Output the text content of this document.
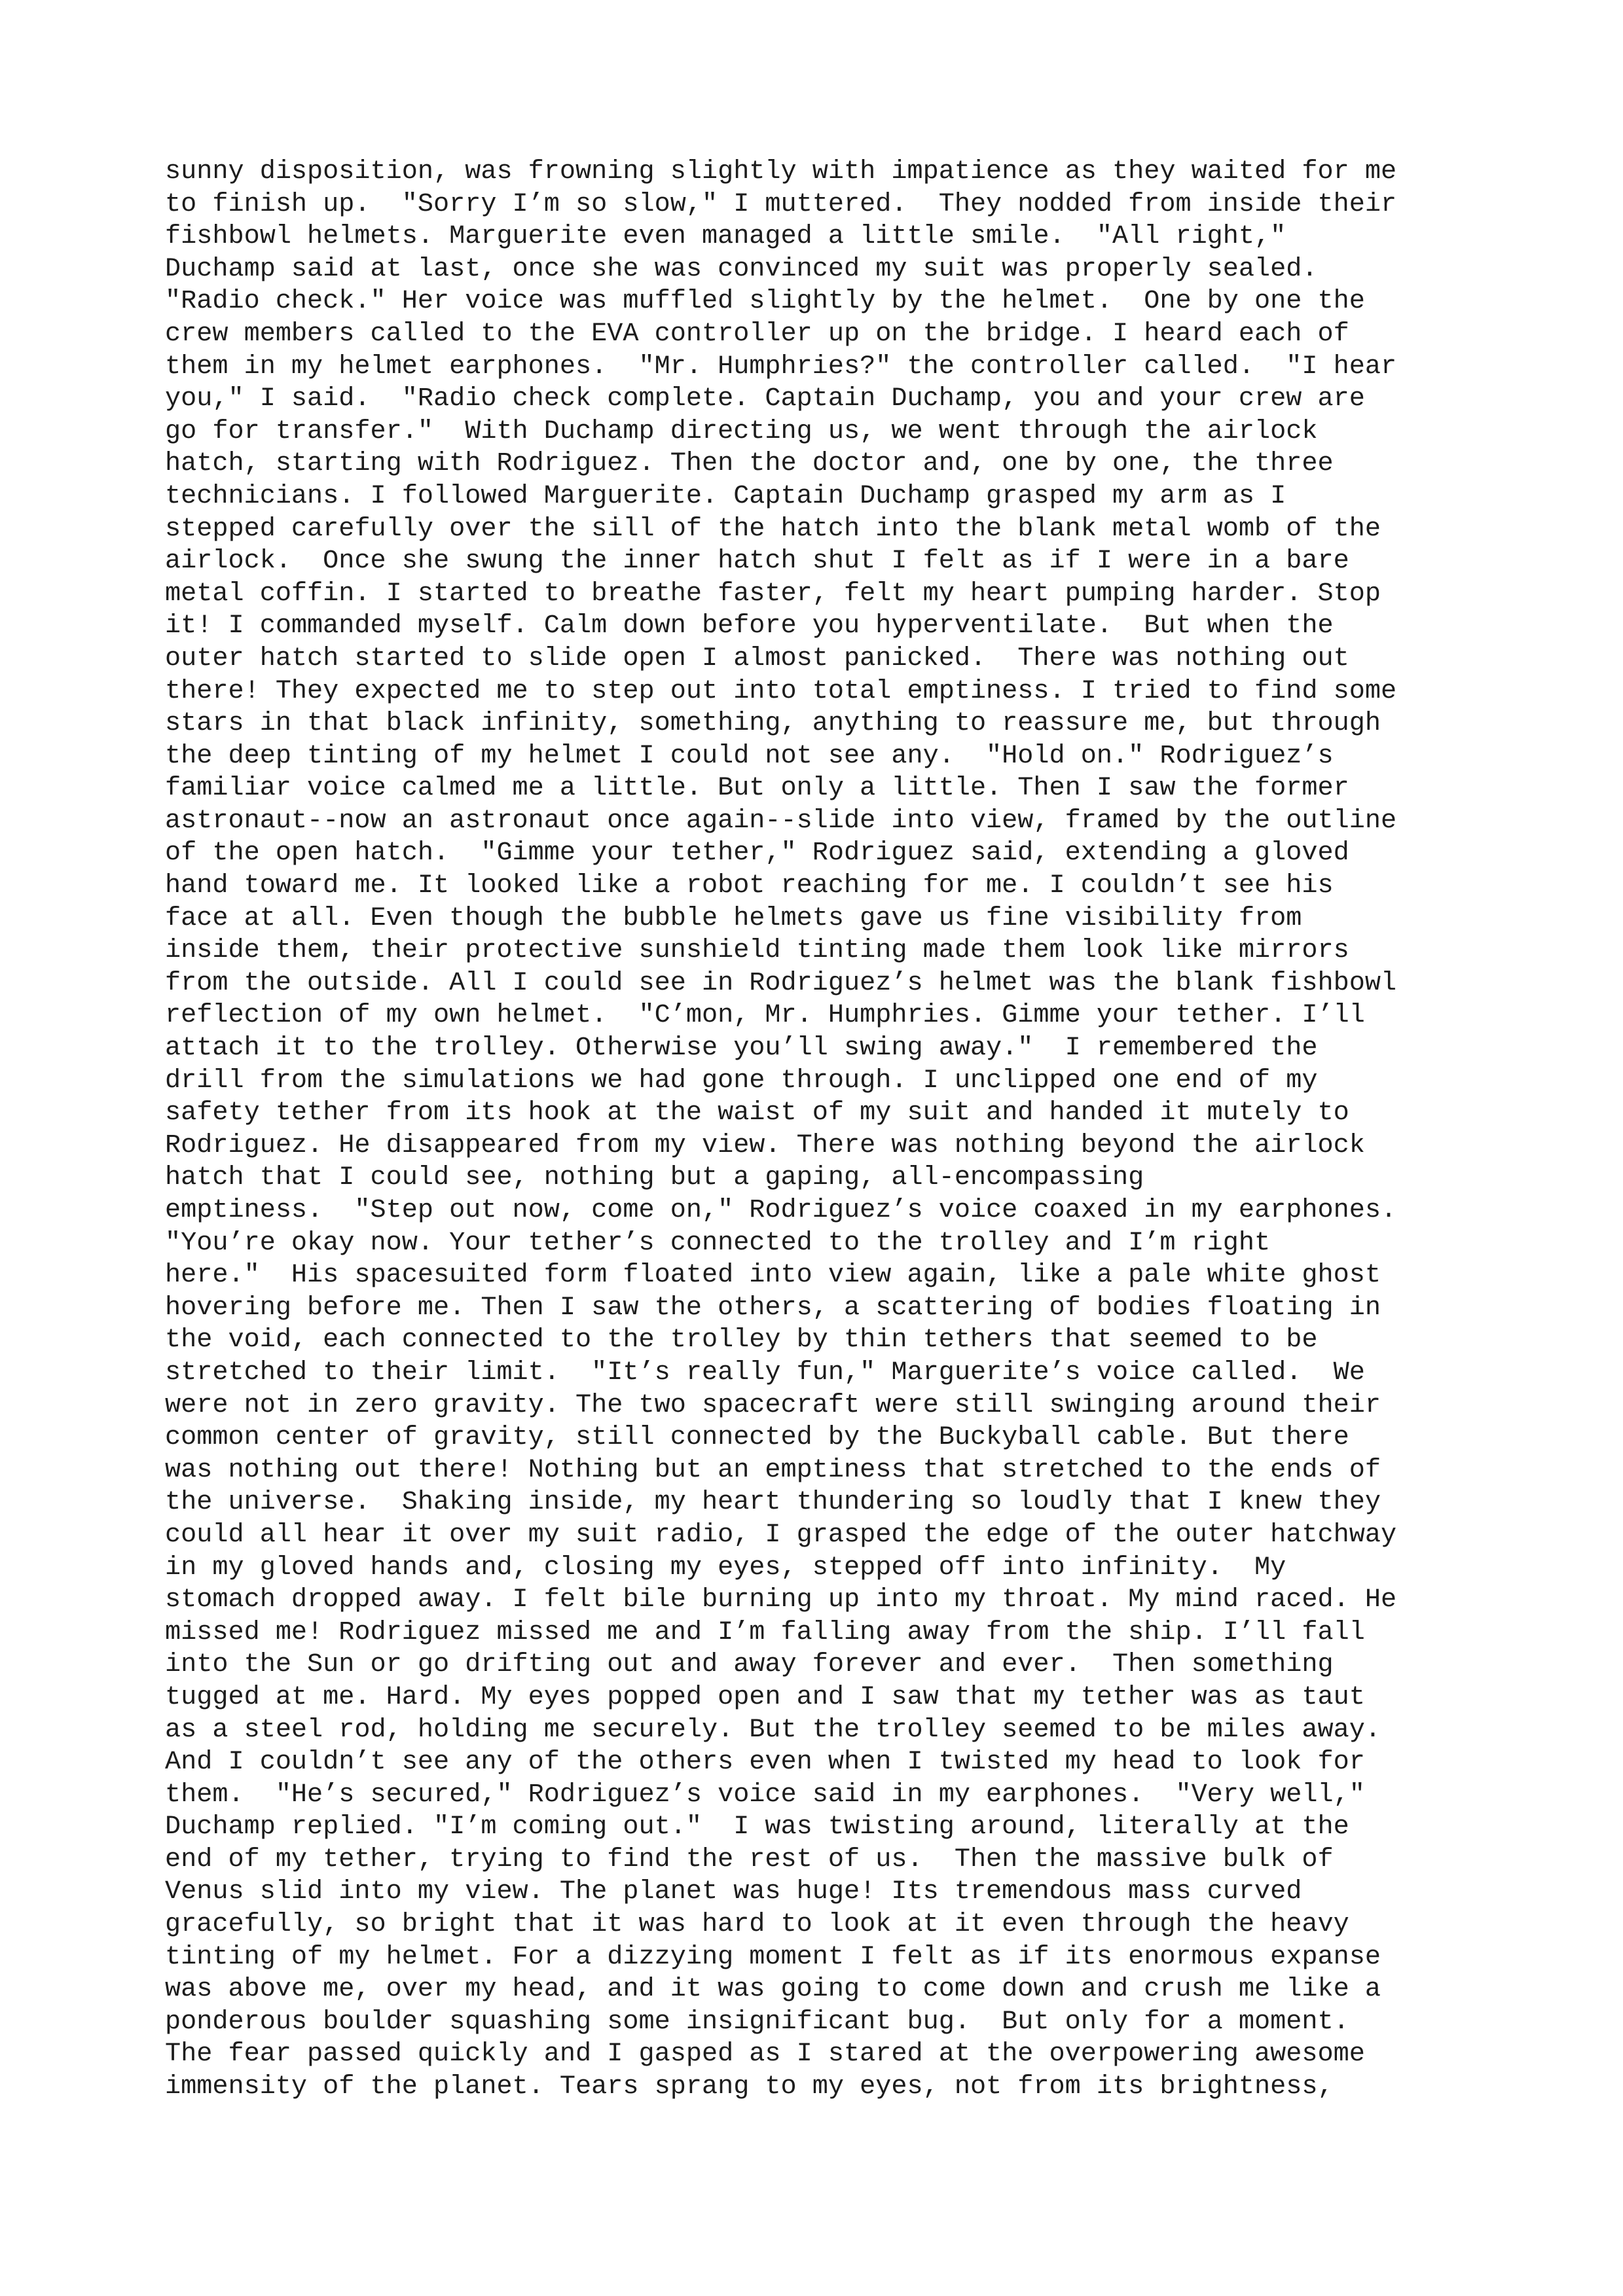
sunny disposition, was frowning slightly with impatience as they waited for me
to finish up.  "Sorry I’m so slow," I muttered.  They nodded from inside their
fishbowl helmets. Marguerite even managed a little smile.  "All right,"
Duchamp said at last, once she was convinced my suit was properly sealed.
"Radio check." Her voice was muffled slightly by the helmet.  One by one the
crew members called to the EVA controller up on the bridge. I heard each of
them in my helmet earphones.  "Mr. Humphries?" the controller called.  "I hear
you," I said.  "Radio check complete. Captain Duchamp, you and your crew are
go for transfer."  With Duchamp directing us, we went through the airlock
hatch, starting with Rodriguez. Then the doctor and, one by one, the three
technicians. I followed Marguerite. Captain Duchamp grasped my arm as I
stepped carefully over the sill of the hatch into the blank metal womb of the
airlock.  Once she swung the inner hatch shut I felt as if I were in a bare
metal coffin. I started to breathe faster, felt my heart pumping harder. Stop
it! I commanded myself. Calm down before you hyperventilate.  But when the
outer hatch started to slide open I almost panicked.  There was nothing out
there! They expected me to step out into total emptiness. I tried to find some
stars in that black infinity, something, anything to reassure me, but through
the deep tinting of my helmet I could not see any.  "Hold on." Rodriguez’s
familiar voice calmed me a little. But only a little. Then I saw the former
astronaut--now an astronaut once again--slide into view, framed by the outline
of the open hatch.  "Gimme your tether," Rodriguez said, extending a gloved
hand toward me. It looked like a robot reaching for me. I couldn’t see his
face at all. Even though the bubble helmets gave us fine visibility from
inside them, their protective sunshield tinting made them look like mirrors
from the outside. All I could see in Rodriguez’s helmet was the blank fishbowl
reflection of my own helmet.  "C’mon, Mr. Humphries. Gimme your tether. I’ll
attach it to the trolley. Otherwise you’ll swing away."  I remembered the
drill from the simulations we had gone through. I unclipped one end of my
safety tether from its hook at the waist of my suit and handed it mutely to
Rodriguez. He disappeared from my view. There was nothing beyond the airlock
hatch that I could see, nothing but a gaping, all-encompassing
emptiness.  "Step out now, come on," Rodriguez’s voice coaxed in my earphones.
"You’re okay now. Your tether’s connected to the trolley and I’m right
here."  His spacesuited form floated into view again, like a pale white ghost
hovering before me. Then I saw the others, a scattering of bodies floating in
the void, each connected to the trolley by thin tethers that seemed to be
stretched to their limit.  "It’s really fun," Marguerite’s voice called.  We
were not in zero gravity. The two spacecraft were still swinging around their
common center of gravity, still connected by the Buckyball cable. But there
was nothing out there! Nothing but an emptiness that stretched to the ends of
the universe.  Shaking inside, my heart thundering so loudly that I knew they
could all hear it over my suit radio, I grasped the edge of the outer hatchway
in my gloved hands and, closing my eyes, stepped off into infinity.  My
stomach dropped away. I felt bile burning up into my throat. My mind raced. He
missed me! Rodriguez missed me and I’m falling away from the ship. I’ll fall
into the Sun or go drifting out and away forever and ever.  Then something
tugged at me. Hard. My eyes popped open and I saw that my tether was as taut
as a steel rod, holding me securely. But the trolley seemed to be miles away.
And I couldn’t see any of the others even when I twisted my head to look for
them.  "He’s secured," Rodriguez’s voice said in my earphones.  "Very well,"
Duchamp replied. "I’m coming out."  I was twisting around, literally at the
end of my tether, trying to find the rest of us.  Then the massive bulk of
Venus slid into my view. The planet was huge! Its tremendous mass curved
gracefully, so bright that it was hard to look at it even through the heavy
tinting of my helmet. For a dizzying moment I felt as if its enormous expanse
was above me, over my head, and it was going to come down and crush me like a
ponderous boulder squashing some insignificant bug.  But only for a moment.
The fear passed quickly and I gasped as I stared at the overpowering awesome
immensity of the planet. Tears sprang to my eyes, not from its brightness,
